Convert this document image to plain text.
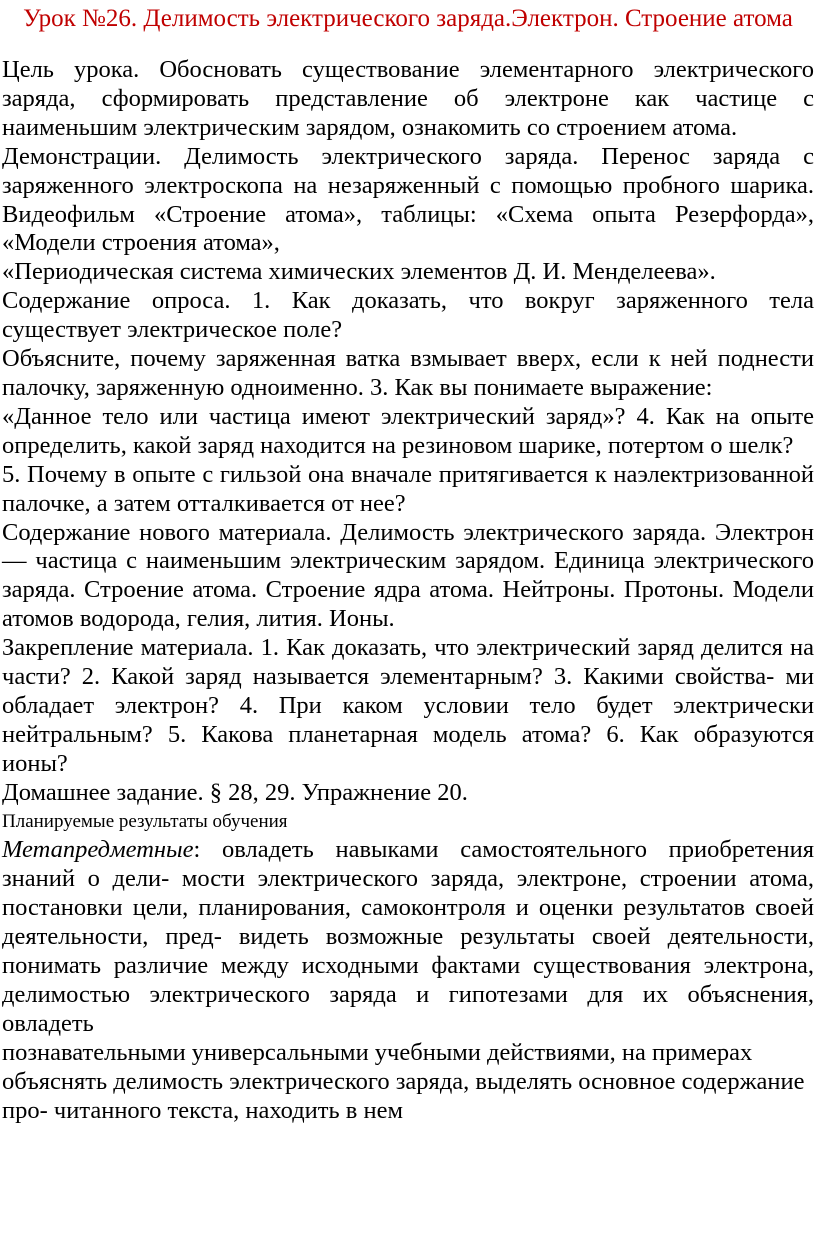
Урок №26. Делимость электрического заряда.Электрон. Строение атома

Цель урока. Обосновать существование элементарного электрического заряда, сформировать представление об электроне как частице с наименьшим электрическим зарядом, ознакомить со строением атома.

Демонстрации. Делимость электрического заряда. Перенос заряда с заряженного электроскопа на незаряженный с помощью пробного шарика. Видеофильм «Строение атома», таблицы: «Схема опыта Резерфорда», «Модели строения атома»,

«Периодическая система химических элементов Д. И. Менделеева».

Содержание опроса. 1. Как доказать, что вокруг заряженного тела существует электрическое поле?

Объясните, почему заряженная ватка взмывает вверх, если к ней поднести палочку, заряженную одноименно. 3. Как вы понимаете выражение:

«Данное тело или частица имеют электрический заряд»? 4. Как на опыте определить, какой заряд находится на резиновом шарике, потертом о шелк?

5. Почему в опыте с гильзой она вначале притягивается к наэлектризованной палочке, а затем отталкивается от нее?

Содержание нового материала. Делимость электрического заряда. Электрон — частица с наименьшим электрическим зарядом. Единица электрического заряда. Строение атома. Строение ядра атома. Нейтроны. Протоны. Модели атомов водорода, гелия, лития. Ионы.

Закрепление материала. 1. Как доказать, что электрический заряд делится на части? 2. Какой заряд называется элементарным? 3. Какими свойства- ми обладает электрон? 4. При каком условии тело будет электрически нейтральным? 5. Какова планетарная модель атома? 6. Как образуются ионы?

Домашнее задание. § 28, 29. Упражнение 20.

Планируемые результаты обучения

Метапредметные: овладеть навыками самостоятельного приобретения знаний о дели- мости электрического заряда, электроне, строении атома, постановки цели, планирования, самоконтроля и оценки результатов своей деятельности, пред- видеть возможные результаты своей деятельности, понимать различие между исходными фактами существования электрона, делимостью электрического заряда и гипотезами для их объяснения, овладеть

познавательными универсальными учебными действиями, на примерах объяснять делимость электрического заряда, выделять основное содержание про- читанного текста, находить в нем
